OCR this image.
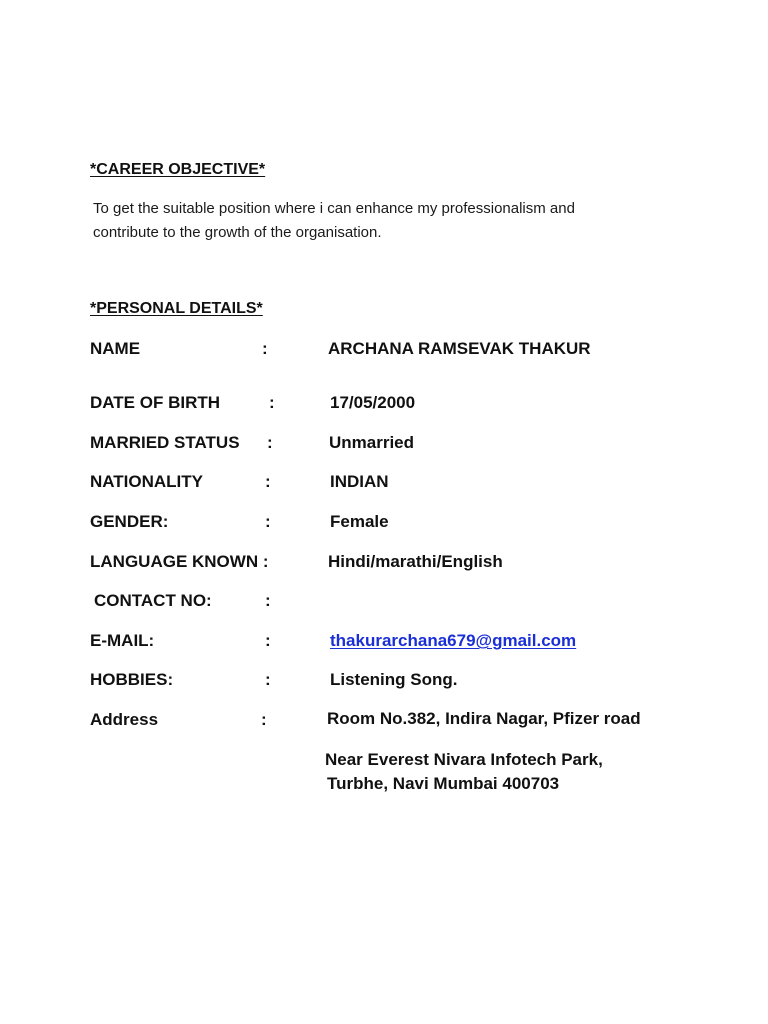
*CAREER OBJECTIVE*
To get the suitable position where i can enhance my professionalism and
contribute to the growth of the organisation.
*PERSONAL DETAILS*
NAME	:	ARCHANA RAMSEVAK THAKUR
DATE OF BIRTH	:	17/05/2000
MARRIED STATUS :	Unmarried
NATIONALITY	:	INDIAN
GENDER:	:	Female
LANGUAGE KNOWN :	Hindi/marathi/English
CONTACT NO:	:
E-MAIL:	:	thakurarchana679@gmail.com
HOBBIES:	:	Listening Song.
Address	:	Room No.382, Indira Nagar, Pfizer road
Near Everest Nivara Infotech Park,
Turbhe, Navi Mumbai 400703
